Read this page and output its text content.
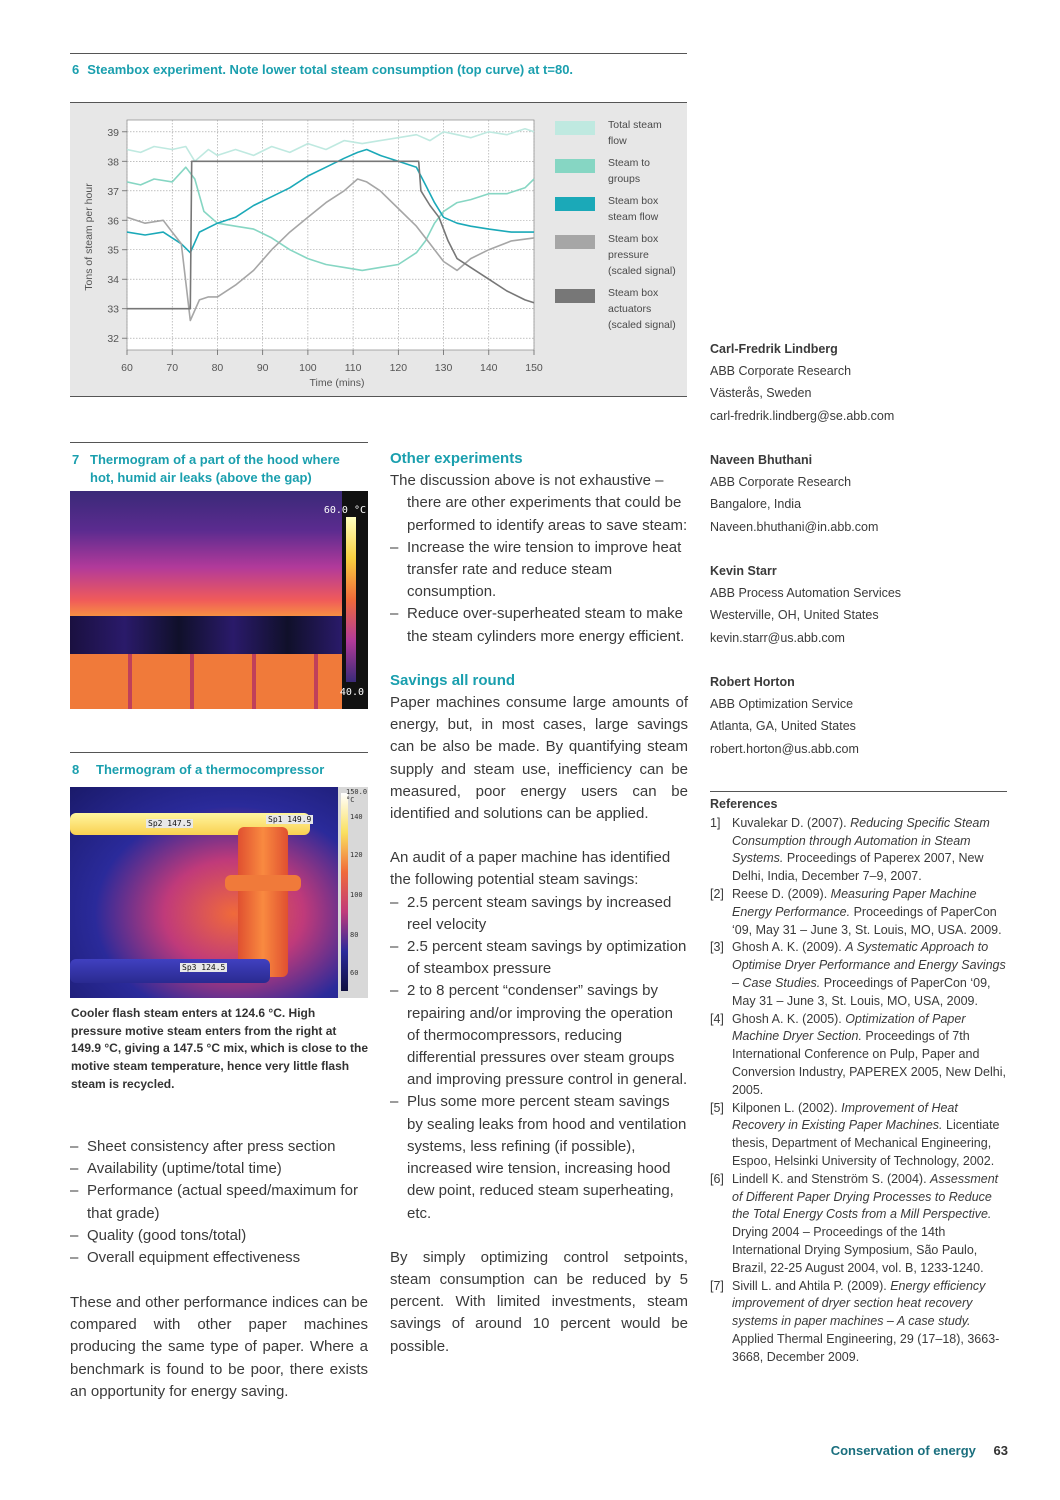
6 Steambox experiment. Note lower total steam consumption (top curve) at t=80.
32
33
34
35
36
37
38
39
60	70	80	90	100	110	120	130	140	150
Time (mins)
Tons of steam per hour
Total steam flow
Steam to groups
Steam box steam flow
Steam box pressure (scaled signal)
Steam box actuators (scaled signal)
7 Thermogram of a part of the hood where hot, humid air leaks (above the gap)
60.0 °C
40.0
8 Thermogram of a thermocompressor
Sp2 147.5	Sp1 149.9
Sp3 124.5
150.0 °C
140
120
100
80
60
Cooler flash steam enters at 124.6 °C. High pressure motive steam enters from the right at 149.9 °C, giving a 147.5 °C mix, which is close to the motive steam temperature, hence very little flash steam is recycled.
– Sheet consistency after press section
– Availability (uptime/total time)
– Performance (actual speed/maximum for that grade)
– Quality (good tons/total)
– Overall equipment effectiveness

These and other performance indices can be compared with other paper machines producing the same type of paper. Where a benchmark is found to be poor, there exists an opportunity for energy saving.

Other experiments

The discussion above is not exhaustive – there are other experiments that could be performed to identify areas to save steam:

– Increase the wire tension to improve heat transfer rate and reduce steam consumption.
– Reduce over-superheated steam to make the steam cylinders more energy efficient.
Savings all round

Paper machines consume large amounts of energy, but, in most cases, large savings can be also be made. By quantifying steam supply and steam use, inefficiency can be measured, poor energy users can be identified and solutions can be applied.

An audit of a paper machine has identified the following potential steam savings:

– 2.5 percent steam savings by increased reel velocity
– 2.5 percent steam savings by optimization of steambox pressure
– 2 to 8 percent “condenser” savings by repairing and/or improving the operation of thermocompressors, reducing differential pressures over steam groups and improving pressure control in general.
– Plus some more percent steam savings by sealing leaks from hood and ventilation systems, less refining (if possible), increased wire tension, increasing hood dew point, reduced steam superheating, etc.

By simply optimizing control setpoints, steam consumption can be reduced by 5 percent. With limited investments, steam savings of around 10 percent would be possible.

Carl-Fredrik Lindberg
ABB Corporate Research
Västerås, Sweden
carl-fredrik.lindberg@se.abb.com
Naveen Bhuthani
ABB Corporate Research
Bangalore, India
Naveen.bhuthani@in.abb.com
Kevin Starr
ABB Process Automation Services
Westerville, OH, United States
kevin.starr@us.abb.com
Robert Horton
ABB Optimization Service
Atlanta, GA, United States
robert.horton@us.abb.com
References
1] Kuvalekar D. (2007). Reducing Specific Steam Consumption through Automation in Steam Systems. Proceedings of Paperex 2007, New Delhi, India, December 7–9, 2007.
[2] Reese D. (2009). Measuring Paper Machine Energy Performance. Proceedings of PaperCon ‘09, May 31 – June 3, St. Louis, MO, USA. 2009.
[3] Ghosh A. K. (2009). A Systematic Approach to Optimise Dryer Performance and Energy Savings – Case Studies. Proceedings of PaperCon ‘09, May 31 – June 3, St. Louis, MO, USA, 2009.
[4] Ghosh A. K. (2005). Optimization of Paper Machine Dryer Section. Proceedings of 7th International Conference on Pulp, Paper and Conversion Industry, PAPEREX 2005, New Delhi, 2005.
[5] Kilponen L. (2002). Improvement of Heat Recovery in Existing Paper Machines. Licentiate thesis, Department of Mechanical Engineering, Espoo, Helsinki University of Technology, 2002.
[6] Lindell K. and Stenström S. (2004). Assessment of Different Paper Drying Processes to Reduce the Total Energy Costs from a Mill Perspective. Drying 2004 – Proceedings of the 14th International Drying Symposium, São Paulo, Brazil, 22-25 August 2004, vol. B, 1233-1240.
[7] Sivill L. and Ahtila P. (2009). Energy efficiency improvement of dryer section heat recovery systems in paper machines – A case study. Applied Thermal Engineering, 29 (17–18), 3663-3668, December 2009.
Conservation of energy 63
